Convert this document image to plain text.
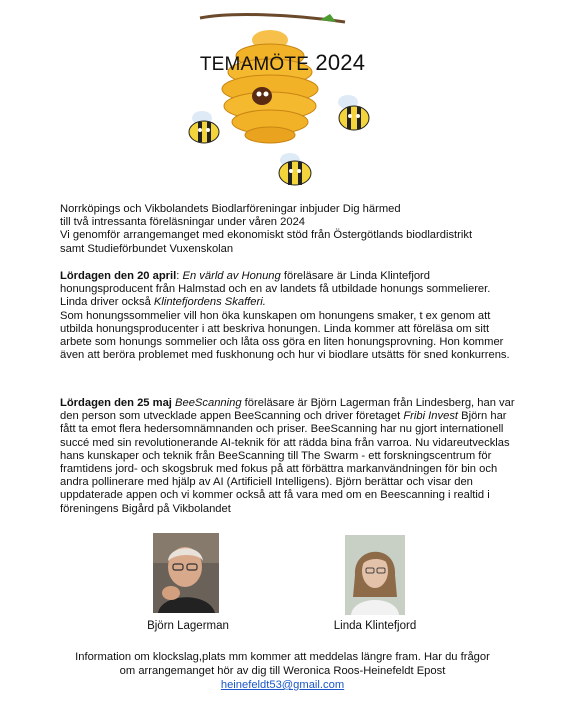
TEMAMÖTE 2024

Norrköpings och Vikbolandets Biodlarföreningar inbjuder Dig härmed

till två intressanta föreläsningar under våren 2024

Vi genomför arrangemanget med ekonomiskt stöd från Östergötlands biodlardistrikt

samt Studieförbundet Vuxenskolan

Lördagen den 20 april: En värld av Honung föreläsare är Linda Klintefjord honungsproducent från Halmstad och en av landets få utbildade honungs sommelierer. Linda driver också Klintefjordens Skafferi.

Som honungssommelier vill hon öka kunskapen om honungens smaker, t ex genom att utbilda honungsproducenter i att beskriva honungen. Linda kommer att föreläsa om sitt arbete som honungs sommelier och låta oss göra en liten honungsprovning. Hon kommer även att beröra problemet med fuskhonung och hur vi biodlare utsätts för sned konkurrens.

Lördagen den 25 maj BeeScanning föreläsare är Björn Lagerman från Lindesberg, han var den person som utvecklade appen BeeScanning och driver företaget Fribi Invest Björn har fått ta emot flera hedersomnämnanden och priser. BeeScanning har nu gjort internationell succé med sin revolutionerande AI-teknik för att rädda bina från varroa. Nu vidareutvecklas hans kunskaper och teknik från BeeScanning till The Swarm - ett forskningscentrum för framtidens jord- och skogsbruk med fokus på att förbättra markanvändningen för bin och andra pollinerare med hjälp av AI (Artificiell Intelligens). Björn berättar och visar den uppdaterade appen och vi kommer också att få vara med om en Beescanning i realtid i föreningens Bigård på Vikbolandet

Björn Lagerman	Linda Klintefjord
Information om klockslag,plats mm kommer att meddelas längre fram. Har du frågor
om arrangemanget hör av dig till Weronica Roos-Heinefeldt Epost
heinefeldt53@gmail.com
